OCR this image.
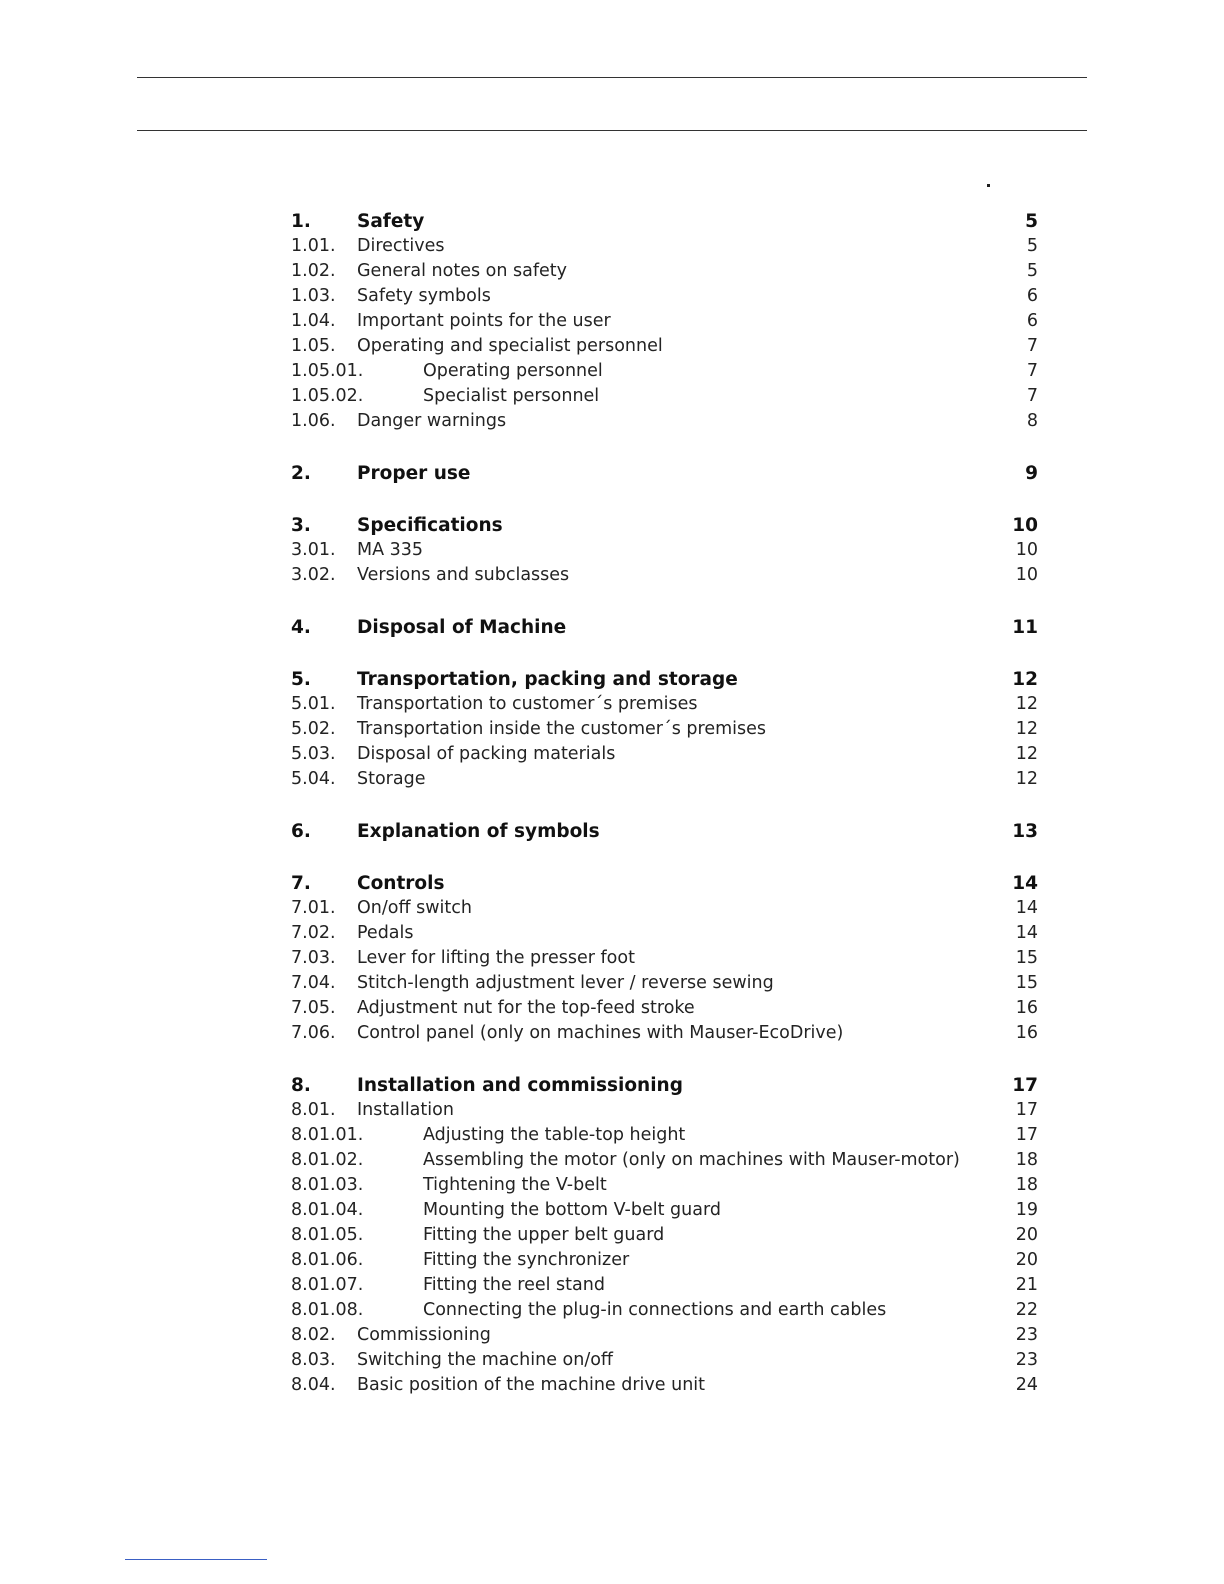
1. Safety	5
1.01. Directives	5
1.02. General notes on safety	5
1.03. Safety symbols	6
1.04. Important points for the user	6
1.05. Operating and specialist personnel	7
1.05.01.	Operating personnel	7
1.05.02.	Specialist personnel	7
1.06. Danger warnings	8
2. Proper use	9
3. Specifications	10
3.01. MA 335	10
3.02. Versions and subclasses	10
4. Disposal of Machine	11
5. Transportation, packing and storage	12
5.01. Transportation to customer´s premises	12
5.02. Transportation inside the customer´s premises	12
5.03. Disposal of packing materials	12
5.04. Storage	12
6. Explanation of symbols	13
7. Controls	14
7.01. On/off switch	14
7.02. Pedals	14
7.03. Lever for lifting the presser foot	15
7.04. Stitch-length adjustment lever / reverse sewing	15
7.05. Adjustment nut for the top-feed stroke	16
7.06. Control panel (only on machines with Mauser-EcoDrive)	16
8. Installation and commissioning	17
8.01. Installation	17
8.01.01.	Adjusting the table-top height	17
8.01.02.	Assembling the motor (only on machines with Mauser-motor)	18
8.01.03.	Tightening the V-belt	18
8.01.04.	Mounting the bottom V-belt guard	19
8.01.05.	Fitting the upper belt guard	20
8.01.06.	Fitting the synchronizer	20
8.01.07.	Fitting the reel stand	21
8.01.08.	Connecting the plug-in connections and earth cables	22
8.02. Commissioning	23
8.03. Switching the machine on/off	23
8.04. Basic position of the machine drive unit	24
